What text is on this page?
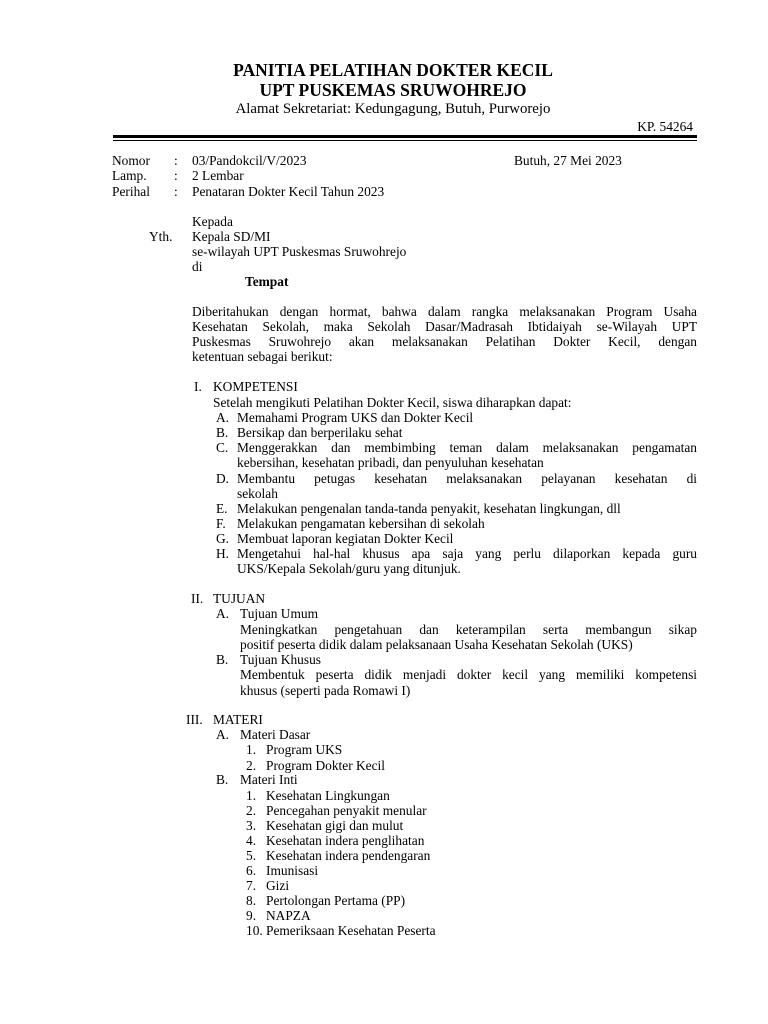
PANITIA PELATIHAN DOKTER KECIL
UPT PUSKEMAS SRUWOHREJO
Alamat Sekretariat: Kedungagung, Butuh, Purworejo
KP. 54264
Nomor : 03/Pandokcil/V/2023	Butuh, 27 Mei 2023
Lamp. : 2 Lembar
Perihal : Penataran Dokter Kecil Tahun 2023
Kepada
Yth. Kepala SD/MI
se-wilayah UPT Puskesmas Sruwohrejo
di
Tempat
Diberitahukan dengan hormat, bahwa dalam rangka melaksanakan Program Usaha
Kesehatan Sekolah, maka Sekolah Dasar/Madrasah Ibtidaiyah se-Wilayah UPT
Puskesmas Sruwohrejo akan melaksanakan Pelatihan Dokter Kecil, dengan
ketentuan sebagai berikut:
I. KOMPETENSI
Setelah mengikuti Pelatihan Dokter Kecil, siswa diharapkan dapat:
A. Memahami Program UKS dan Dokter Kecil
B. Bersikap dan berperilaku sehat
C. Menggerakkan dan membimbing teman dalam melaksanakan pengamatan
kebersihan, kesehatan pribadi, dan penyuluhan kesehatan
D. Membantu petugas kesehatan melaksanakan pelayanan kesehatan di
sekolah
E. Melakukan pengenalan tanda-tanda penyakit, kesehatan lingkungan, dll
F. Melakukan pengamatan kebersihan di sekolah
G. Membuat laporan kegiatan Dokter Kecil
H. Mengetahui hal-hal khusus apa saja yang perlu dilaporkan kepada guru
UKS/Kepala Sekolah/guru yang ditunjuk.
II. TUJUAN
A. Tujuan Umum
Meningkatkan pengetahuan dan keterampilan serta membangun sikap
positif peserta didik dalam pelaksanaan Usaha Kesehatan Sekolah (UKS)
B. Tujuan Khusus
Membentuk peserta didik menjadi dokter kecil yang memiliki kompetensi
khusus (seperti pada Romawi I)
III. MATERI
A. Materi Dasar
1. Program UKS
2. Program Dokter Kecil
B. Materi Inti
1. Kesehatan Lingkungan
2. Pencegahan penyakit menular
3. Kesehatan gigi dan mulut
4. Kesehatan indera penglihatan
5. Kesehatan indera pendengaran
6. Imunisasi
7. Gizi
8. Pertolongan Pertama (PP)
9. NAPZA
10. Pemeriksaan Kesehatan Peserta
